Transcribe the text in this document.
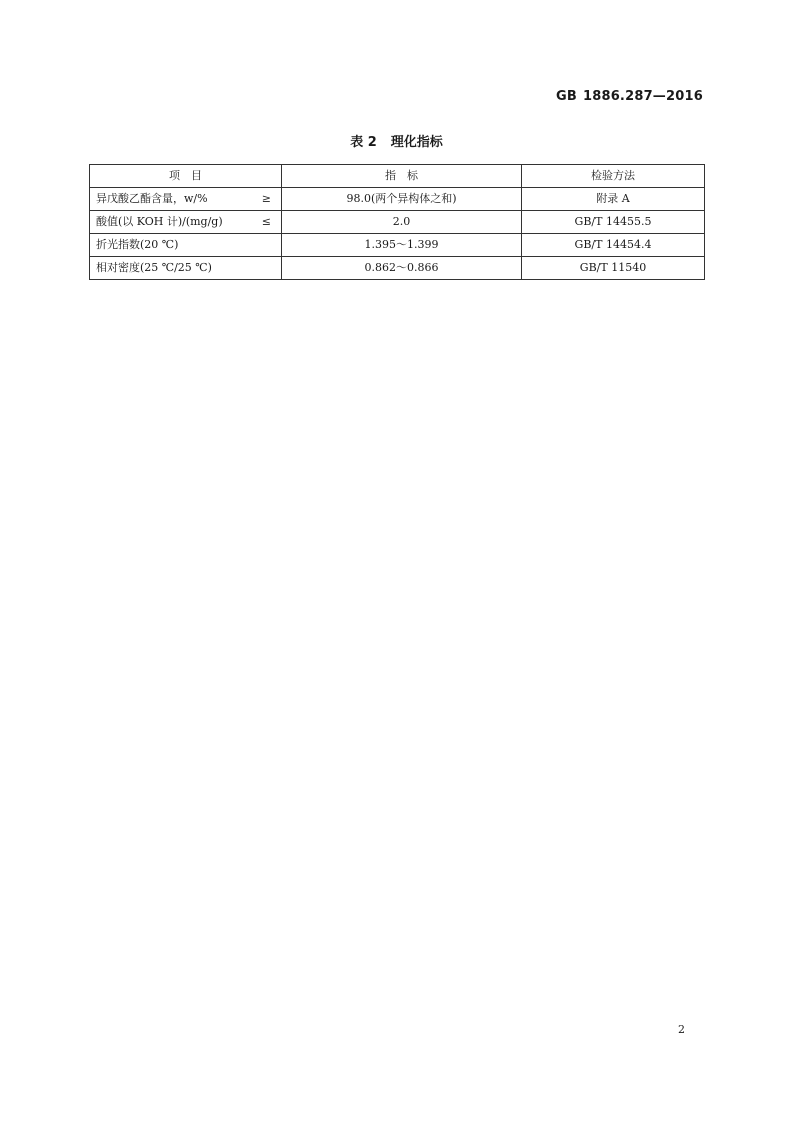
GB 1886.287—2016
表 2 理化指标
项　目	指　标	检验方法

异戊酸乙酯含量，w/% ≥	98.0(两个异构体之和)	附录 A

酸值(以 KOH 计)/(mg/g) ≤	2.0	GB/T 14455.5

折光指数(20 ℃)	1.395～1.399	GB/T 14454.4

相对密度(25 ℃/25 ℃)	0.862～0.866	GB/T 11540
2
